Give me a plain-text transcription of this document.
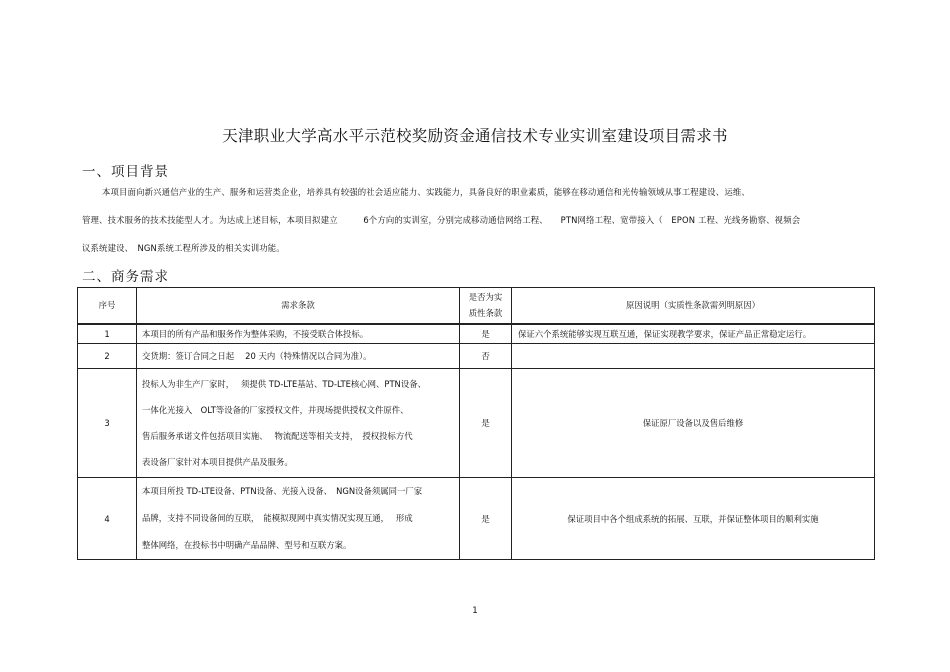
天津职业大学高水平示范校奖励资金通信技术专业实训室建设项目需求书
一、项目背景
本项目面向新兴通信产业的生产、服务和运营类企业，培养具有较强的社会适应能力、实践能力，具备良好的职业素质，能够在移动通信和光传输领域从事工程建设、运维、
管理、技术服务的技术技能型人才。为达成上述目标，本项目拟建立　　　6个方向的实训室，分别完成移动通信网络工程、　　PTN网络工程、宽带接入（　EPON 工程、光线务勘察、视频会
议系统建设、　NGN系统工程所涉及的相关实训功能。
二、商务需求
序号	需求条款	是否为实
质性条款	原因说明（实质性条款需列明原因）
1	本项目的所有产品和服务作为整体采购，不接受联合体投标。	是	保证六个系统能够实现互联互通，保证实现教学要求，保证产品正常稳定运行。
2	交货期：签订合同之日起　 20 天内（特殊情况以合同为准）。	否	
3	投标人为非生产厂家时，　 须提供 TD-LTE基站、TD-LTE核心网、PTN设备、
一体化光接入　OLT等设备的厂家授权文件，并现场提供授权文件原件、
售后服务承诺文件包括项目实施、　 物流配送等相关支持，　授权投标方代
表设备厂家针对本项目提供产品及服务。	是	保证原厂设备以及售后维修
4	本项目所投 TD-LTE设备、PTN设备、光接入设备、　NGN设备须属同一厂家
品牌，支持不同设备间的互联，　能模拟现网中真实情况实现互通，　 形成
整体网络，在投标书中明确产品品牌、型号和互联方案。	是	保证项目中各个组成系统的拓展、互联，并保证整体项目的顺利实施
1
